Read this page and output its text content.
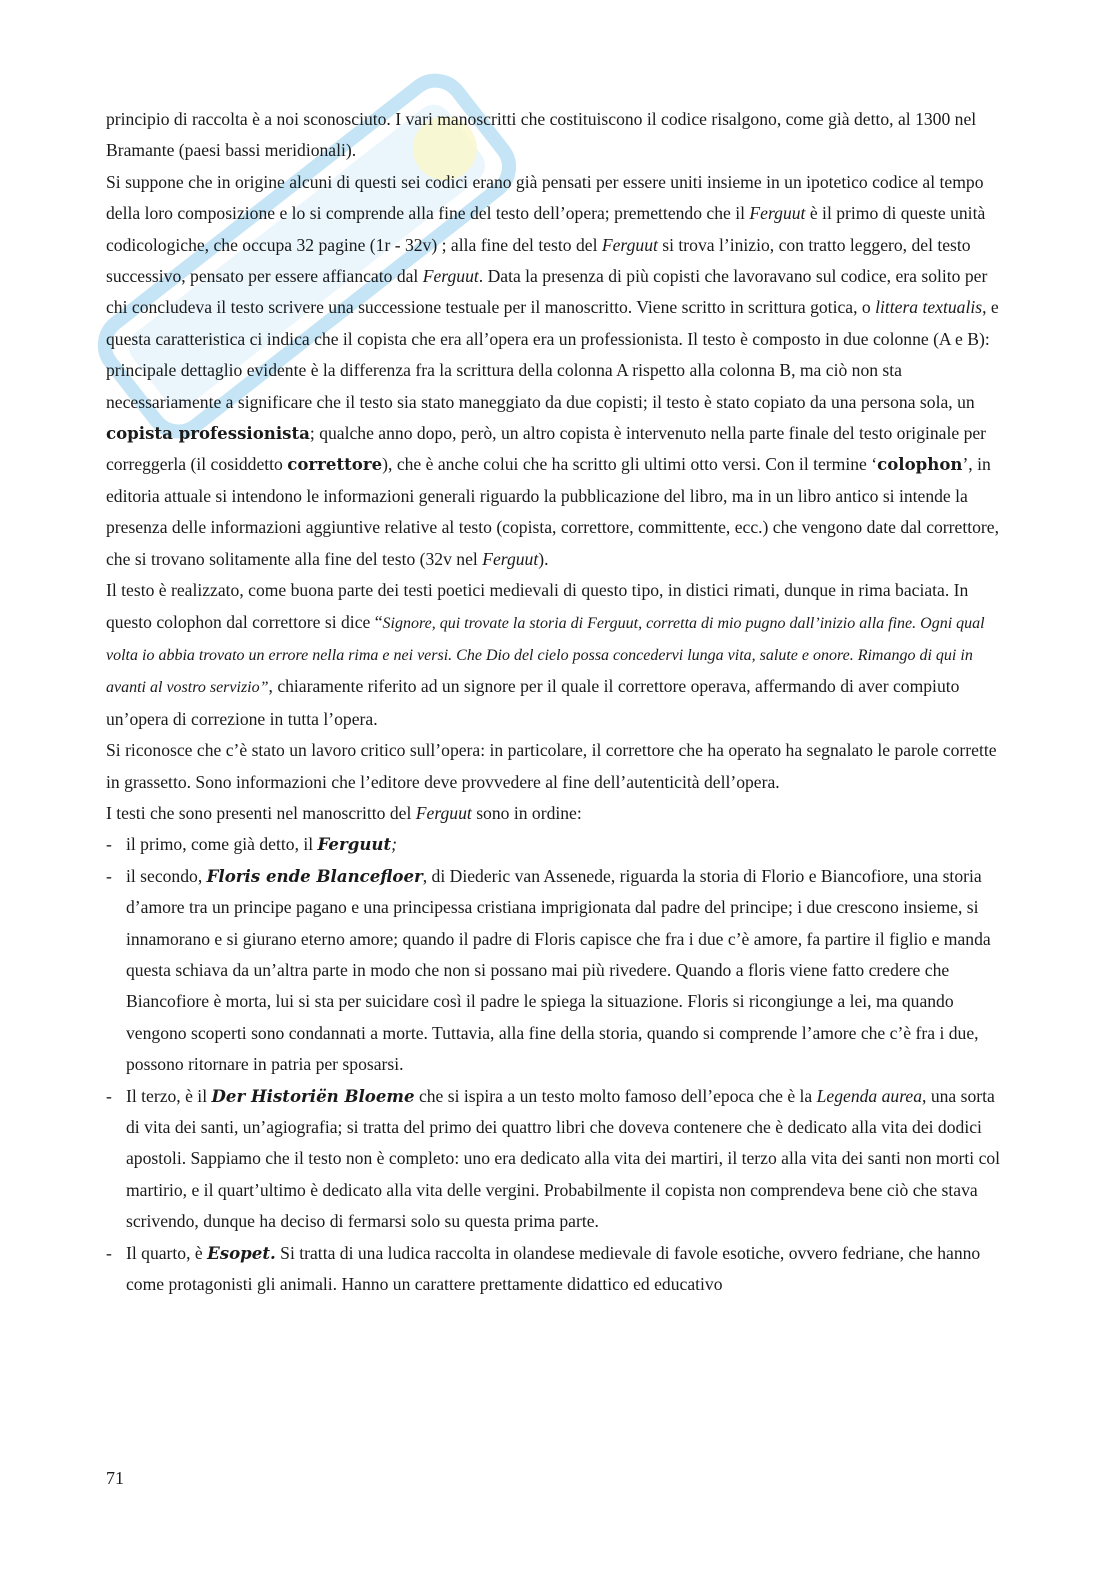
principio di raccolta è a noi sconosciuto. I vari manoscritti che costituiscono il codice risalgono, come già detto, al 1300 nel Bramante (paesi bassi meridionali).

Si suppone che in origine alcuni di questi sei codici erano già pensati per essere uniti insieme in un ipotetico codice al tempo della loro composizione e lo si comprende alla fine del testo dell’opera; premettendo che il Ferguut è il primo di queste unità codicologiche, che occupa 32 pagine (1r - 32v) ; alla fine del testo del Ferguut si trova l’inizio, con tratto leggero, del testo successivo, pensato per essere affiancato dal Ferguut. Data la presenza di più copisti che lavoravano sul codice, era solito per chi concludeva il testo scrivere una successione testuale per il manoscritto. Viene scritto in scrittura gotica, o littera textualis, e questa caratteristica ci indica che il copista che era all’opera era un professionista. Il testo è composto in due colonne (A e B): principale dettaglio evidente è la differenza fra la scrittura della colonna A rispetto alla colonna B, ma ciò non sta necessariamente a significare che il testo sia stato maneggiato da due copisti; il testo è stato copiato da una persona sola, un copista professionista; qualche anno dopo, però, un altro copista è intervenuto nella parte finale del testo originale per correggerla (il cosiddetto correttore), che è anche colui che ha scritto gli ultimi otto versi. Con il termine ‘colophon’, in editoria attuale si intendono le informazioni generali riguardo la pubblicazione del libro, ma in un libro antico si intende la presenza delle informazioni aggiuntive relative al testo (copista, correttore, committente, ecc.) che vengono date dal correttore, che si trovano solitamente alla fine del testo (32v nel Ferguut).

Il testo è realizzato, come buona parte dei testi poetici medievali di questo tipo, in distici rimati, dunque in rima baciata. In questo colophon dal correttore si dice “Signore, qui trovate la storia di Ferguut, corretta di mio pugno dall’inizio alla fine. Ogni qual volta io abbia trovato un errore nella rima e nei versi. Che Dio del cielo possa concedervi lunga vita, salute e onore. Rimango di qui in avanti al vostro servizio”, chiaramente riferito ad un signore per il quale il correttore operava, affermando di aver compiuto un’opera di correzione in tutta l’opera.

Si riconosce che c’è stato un lavoro critico sull’opera: in particolare, il correttore che ha operato ha segnalato le parole corrette in grassetto. Sono informazioni che l’editore deve provvedere al fine dell’autenticità dell’opera.

I testi che sono presenti nel manoscritto del Ferguut sono in ordine:

- il primo, come già detto, il Ferguut;
- il secondo, Floris ende Blancefloer, di Diederic van Assenede, riguarda la storia di Florio e Biancofiore, una storia d’amore tra un principe pagano e una principessa cristiana imprigionata dal padre del principe; i due crescono insieme, si innamorano e si giurano eterno amore; quando il padre di Floris capisce che fra i due c’è amore, fa partire il figlio e manda questa schiava da un’altra parte in modo che non si possano mai più rivedere. Quando a floris viene fatto credere che Biancofiore è morta, lui si sta per suicidare così il padre le spiega la situazione. Floris si ricongiunge a lei, ma quando vengono scoperti sono condannati a morte. Tuttavia, alla fine della storia, quando si comprende l’amore che c’è fra i due, possono ritornare in patria per sposarsi.
- Il terzo, è il Der Historiën Bloeme che si ispira a un testo molto famoso dell’epoca che è la Legenda aurea, una sorta di vita dei santi, un’agiografia; si tratta del primo dei quattro libri che doveva contenere che è dedicato alla vita dei dodici apostoli. Sappiamo che il testo non è completo: uno era dedicato alla vita dei martiri, il terzo alla vita dei santi non morti col martirio, e il quart’ultimo è dedicato alla vita delle vergini. Probabilmente il copista non comprendeva bene ciò che stava scrivendo, dunque ha deciso di fermarsi solo su questa prima parte.
- Il quarto, è Esopet. Si tratta di una ludica raccolta in olandese medievale di favole esotiche, ovvero fedriane, che hanno come protagonisti gli animali. Hanno un carattere prettamente didattico ed educativo
71
